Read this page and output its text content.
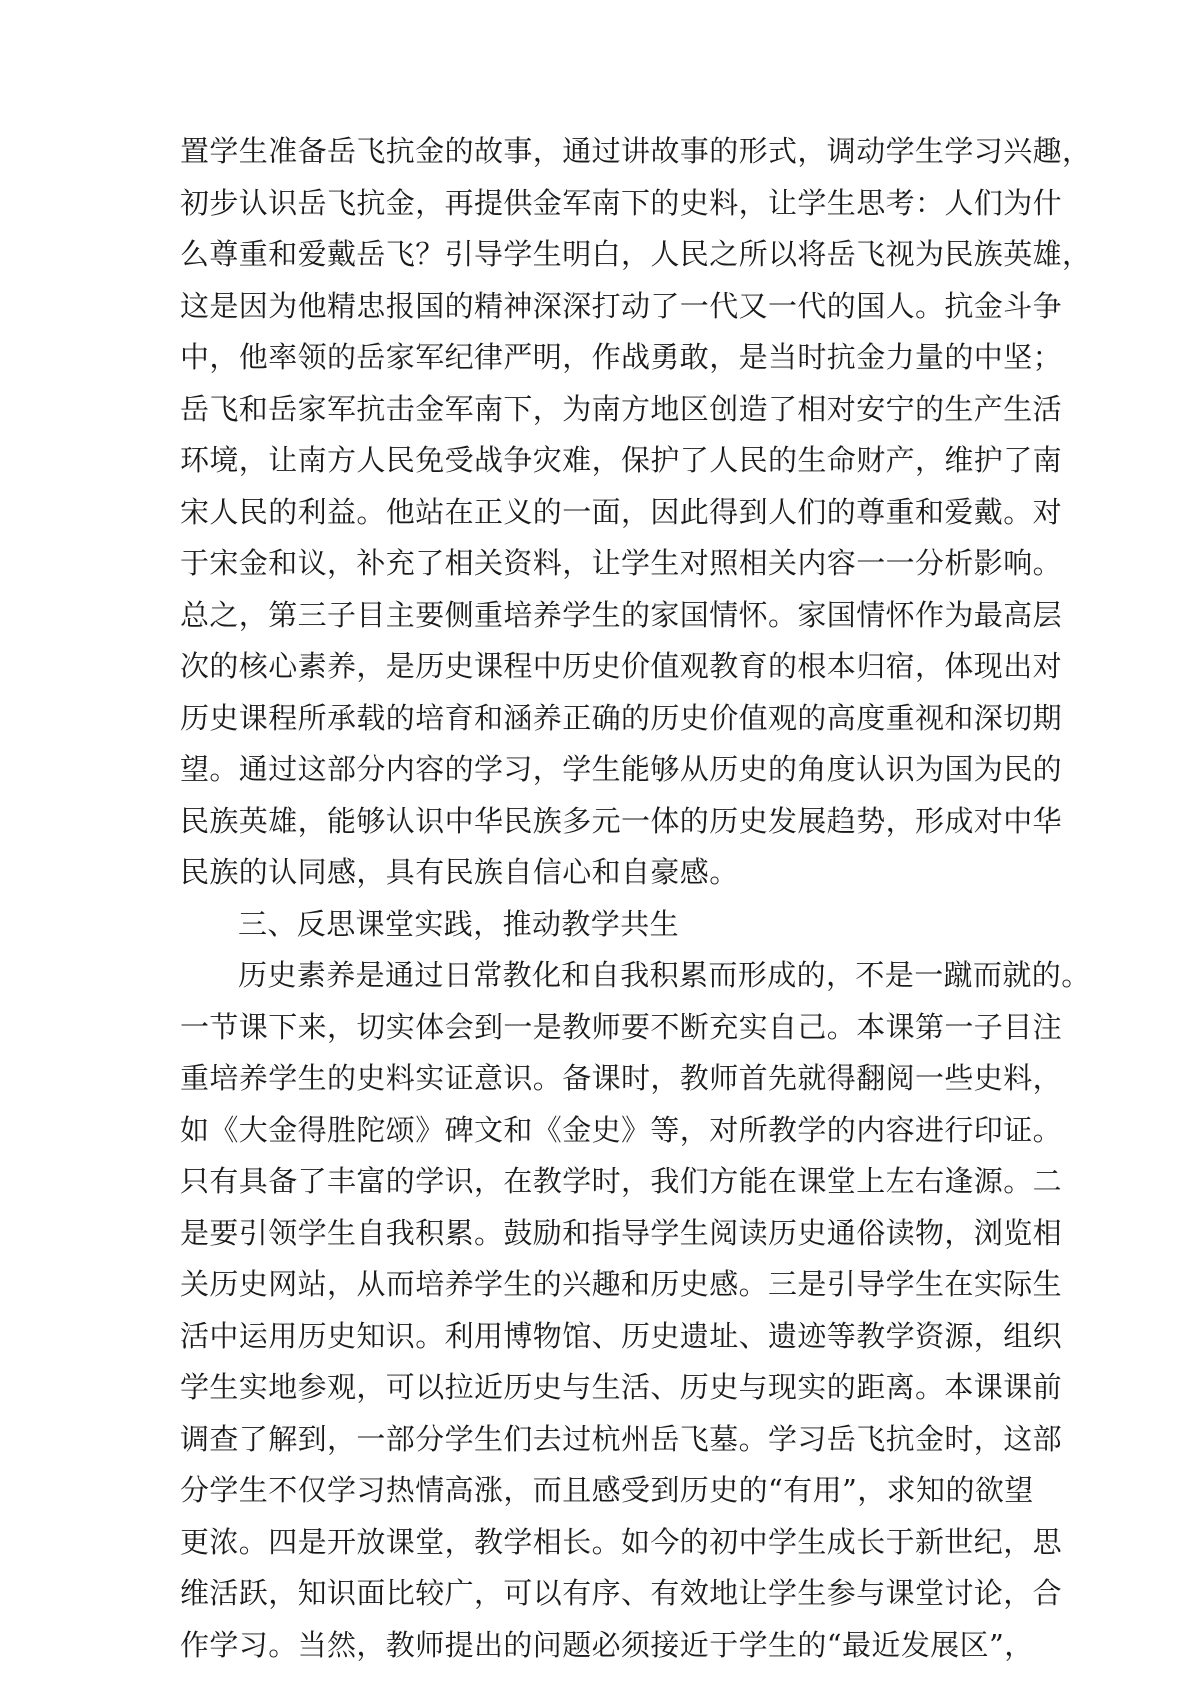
置学生准备岳飞抗金的故事，通过讲故事的形式，调动学生学习兴趣，
初步认识岳飞抗金，再提供金军南下的史料，让学生思考：人们为什
么尊重和爱戴岳飞？引导学生明白，人民之所以将岳飞视为民族英雄，
这是因为他精忠报国的精神深深打动了一代又一代的国人。抗金斗争
中，他率领的岳家军纪律严明，作战勇敢，是当时抗金力量的中坚；
岳飞和岳家军抗击金军南下，为南方地区创造了相对安宁的生产生活
环境，让南方人民免受战争灾难，保护了人民的生命财产，维护了南
宋人民的利益。他站在正义的一面，因此得到人们的尊重和爱戴。对
于宋金和议，补充了相关资料，让学生对照相关内容一一分析影响。
总之，第三子目主要侧重培养学生的家国情怀。家国情怀作为最高层
次的核心素养，是历史课程中历史价值观教育的根本归宿，体现出对
历史课程所承载的培育和涵养正确的历史价值观的高度重视和深切期
望。通过这部分内容的学习，学生能够从历史的角度认识为国为民的
民族英雄，能够认识中华民族多元一体的历史发展趋势，形成对中华
民族的认同感，具有民族自信心和自豪感。
三、反思课堂实践，推动教学共生
历史素养是通过日常教化和自我积累而形成的，不是一蹴而就的。
一节课下来，切实体会到一是教师要不断充实自己。本课第一子目注
重培养学生的史料实证意识。备课时，教师首先就得翻阅一些史料，
如《大金得胜陀颂》碑文和《金史》等，对所教学的内容进行印证。
只有具备了丰富的学识，在教学时，我们方能在课堂上左右逢源。二
是要引领学生自我积累。鼓励和指导学生阅读历史通俗读物，浏览相
关历史网站，从而培养学生的兴趣和历史感。三是引导学生在实际生
活中运用历史知识。利用博物馆、历史遗址、遗迹等教学资源，组织
学生实地参观，可以拉近历史与生活、历史与现实的距离。本课课前
调查了解到，一部分学生们去过杭州岳飞墓。学习岳飞抗金时，这部
分学生不仅学习热情高涨，而且感受到历史的“有用”，求知的欲望
更浓。四是开放课堂，教学相长。如今的初中学生成长于新世纪，思
维活跃，知识面比较广，可以有序、有效地让学生参与课堂讨论，合
作学习。当然，教师提出的问题必须接近于学生的“最近发展区”，
